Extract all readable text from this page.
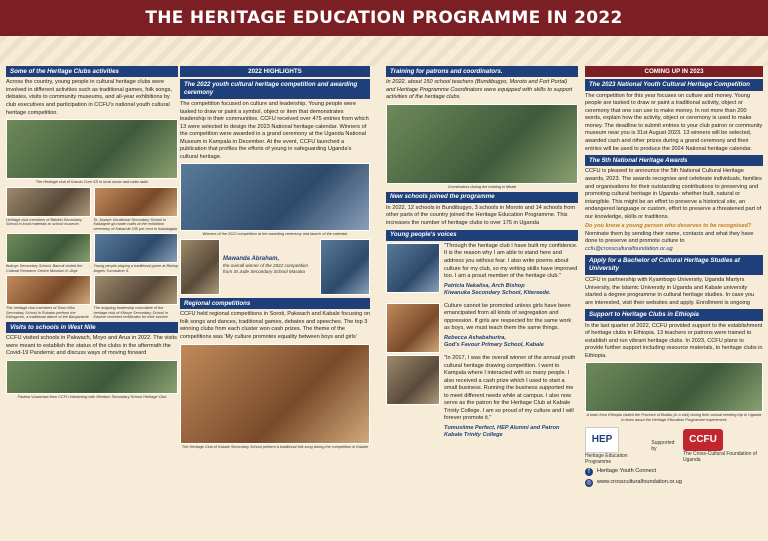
THE HERITAGE EDUCATION PROGRAMME IN 2022
Some of the Heritage Clubs activities

Across the country, young people in cultural heritage clubs were involved in different activities such as traditional games, folk songs, debates, visits to community museums, and all-year exhibitions by club executives and participation in CCFU's national youth cultural heritage competition.

The Heritage club of Kasolo Core SS in local music and radio radio
Heritage club members of Bakikki Secondary School in local materials to school museum
St. Joseph Vocational Secondary School in Kabalgwe ga made crafts at the exhibition ceremony of Kabarole 100 per cent in Kabalagala
Bukoyo Secondary School, Bamuli visited the Cultural Research Centre Museum in Jinja
Young people playing a traditional game at Bishop Angelo Tumusiime S.
The heritage club members of Sooo Mbo Secondary School in Rubabo perform the Ekitaguriro, a traditional dance of the Banyankole
The outgoing leadership committee of the heritage club of Kiboye Secondary School in Kasese received certificates for their service
Visits to schools in West Nile

CCFU visited schools in Pakwach, Moyo and Arua in 2022. The visits were meant to establish the status of the clubs in the aftermath the Covid-19 Pandemic and discuss ways of moving forward

Fastina Vuwamwa from CCFU interacting with Weriboo Secondary School Heritage Club
2022 HIGHLIGHTS
The 2022 youth cultural heritage competition and awarding ceremony

The competition focused on culture and leadership. Young people were tasked to draw or paint a symbol, object or item that demonstrates leadership in their communities. CCFU received over 475 entries from which 13 were selected to design the 2023 National heritage calendar. Winners of the competition were awarded in a grand ceremony at the Uganda National Museum in Kampala in December. At the event, CCFU launched a publication that profiles the efforts of young in safeguarding Uganda's cultural heritage.

Winners of the 2022 competition at the awarding ceremony and launch of the calendar
Mawanda Abraham,
the overall winner of the 2022 competition from St Jude Secondary School Masaka
Regional competitions

CCFU held regional competitions in Soroti, Pakwach and Kabale focusing on folk songs and dances, traditional games, debates and speeches. The top 3 winning clubs from each cluster won cash prizes. The theme of the competitions was 'My culture promotes equality between boys and girls'

The Heritage Club of Kabale Secondary School perform a traditional folk song during the competition in Kabale
Training for patrons and coordinators.

In 2022, about 150 school teachers (Bundibugyo, Moroto and Fort Portal) and Heritage Programme Coordinators were equipped with skills to support activities of the heritage clubs.

Coordinators during the training in Mbale
New schools joined the programme

In 2022, 12 schools in Bundibugyo, 3 schools in Moroto and 14 schools from other parts of the country joined the Heritage Education Programme. This increases the number of heritage clubs to over 175 in Uganda

Young people's voices

"Through the heritage club I have built my confidence. It is the reason why I am able to stand here and address you without fear. I also write poems about culture for my club, so my writing skills have improved too. I am a proud member of the heritage club."

Patricia Nakalisa, Arch Bishop
Kiwanuka Secondary School, Kitereede.

Culture cannot be promoted unless girls have been emancipated from all kinds of segregation and oppression. If girls are respected for the same work as boys, we must teach them the same things.

Rebecca Ashabahurira,
God's Favour Primary School, Kabale

"In 2017, I was the overall winner of the annual youth cultural heritage drawing competition. I went to Kampala where I interacted with so many people. I also received a cash prize which I used to start a small business. Running the business supported me to meet different needs while at campus. I also now serve as the patron for the Heritage Club at Kabale Trinity College. I am so proud of my culture and I will forever promote it."

Tumusiime Perfect, HEP Alumni and Patron
Kabale Trinity College
COMING UP IN 2023
The 2023 National Youth Cultural Heritage Competition

The competition for this year focuses on culture and money. Young people are tasked to draw or paint a traditional activity, object or ceremony that one can use to make money. In not more than 200 words, explain how the activity, object or ceremony is used to make money. The deadline to submit entries to your club patron or community museum near you is 31st August 2023. 13 winners will be selected, awarded cash and other prizes during a grand ceremony and their entries will be used to produce the 2024 National heritage calendar.

The 5th National Heritage Awards

CCFU is pleased to announce the 5th National Cultural Heritage awards, 2023. The awards recognise and celebrate individuals, families and organisations for their outstanding contributions to preserving and promoting cultural heritage in Uganda- whether built, natural or intangible. This might be an effort to preserve a historical site, an endangered language or custom, effort to preserve a threatened part of our knowledge, skills or traditions.

Do you know a young person who deserves to be recognised? Nominate them by sending their name, contacts and what they have done to preserve and promote culture to ccfu@crossculturalfoundation.or.ug

Apply for a Bachelor of Cultural Heritage Studies at University

CCFU in partnership with Kyambogo University, Uganda Martyrs University, the Islamic University in Uganda and Kabale university started a degree programme in cultural heritage studies. In case you are interested, visit their websites and apply. Enrollment is ongoing

Support to Heritage Clubs in Ethiopia

In the last quarter of 2022, CCFU provided support to the establishment of heritage clubs in Ethiopia. 13 teachers or patrons were trained to establish and run vibrant heritage clubs. In 2023, CCFU plans to provide further support including resource materials, to heritage clubs in Ethiopia.

A team from Ethiopia visited the Province of Buddu (in a visit) during their annual meeting trip to Uganda to learn about the Heritage Education Programme experiences
HEP
Heritage Education Programme
Supported by
CCFU
The Cross-Cultural Foundation of Uganda
f	Heritage Youth Connect
◎ www.crossculturalfoundation.or.ug
